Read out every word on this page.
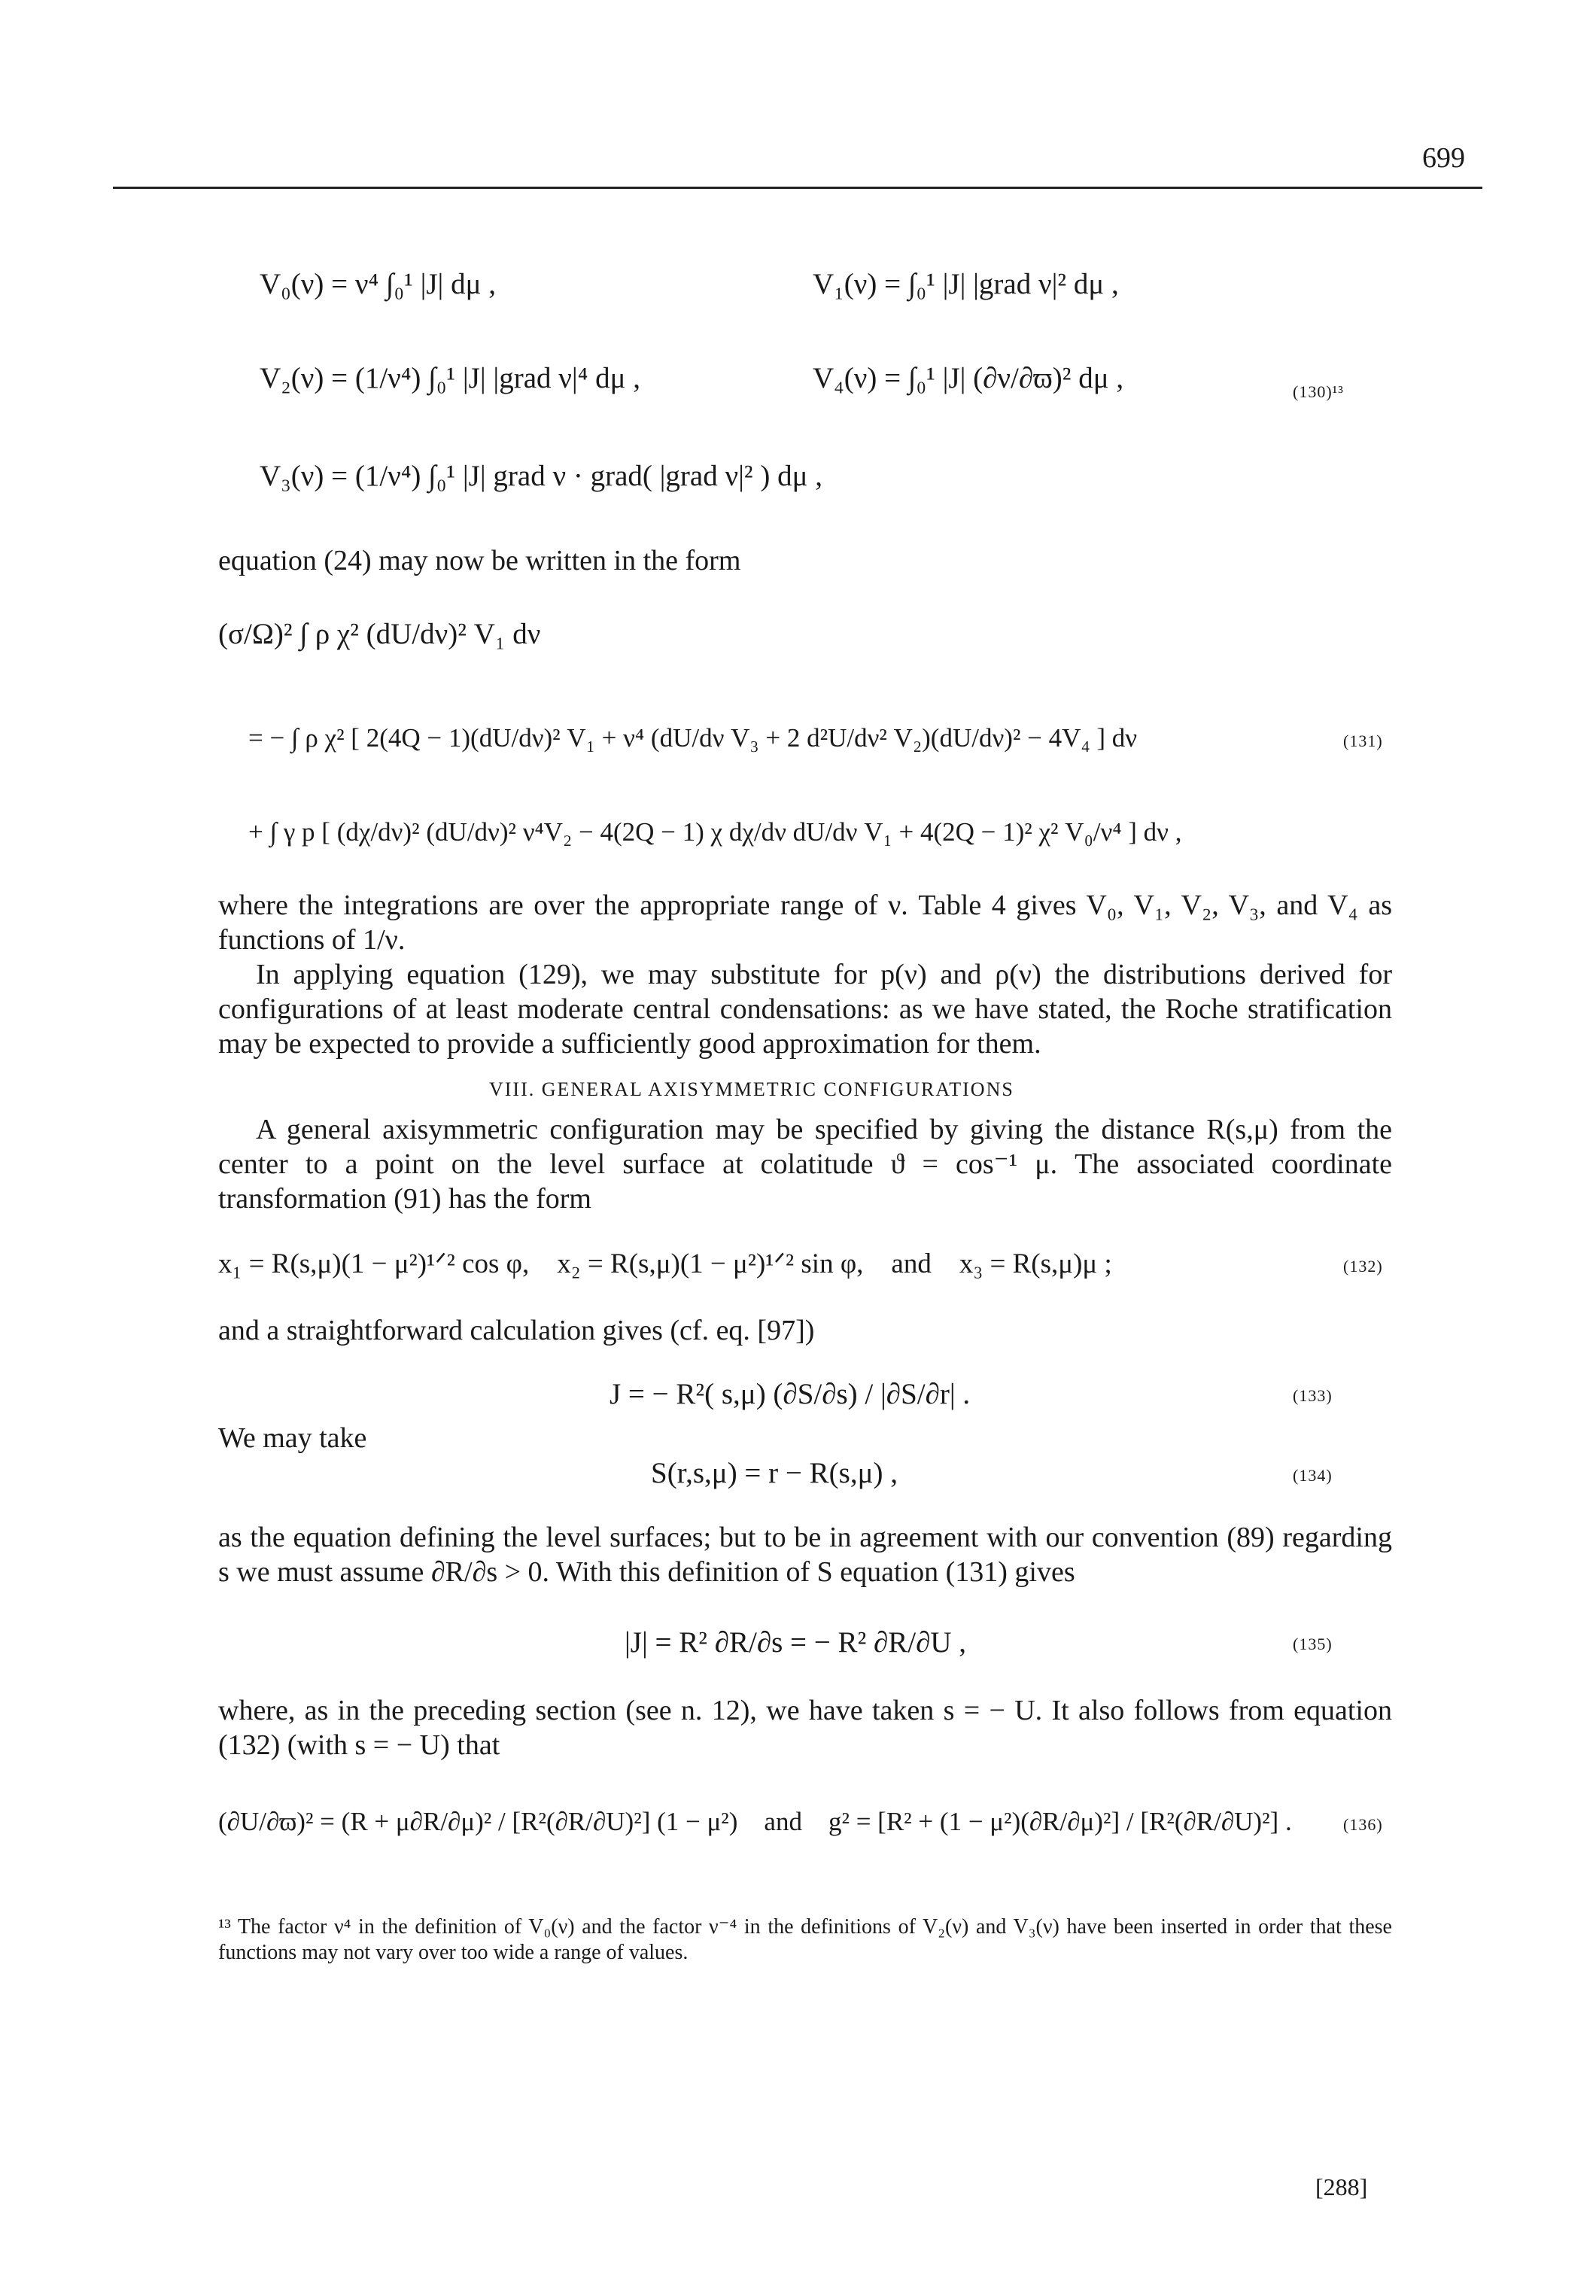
699
V₀(ν) = ν⁴ ∫₀¹ |J| dμ ,	V₁(ν) = ∫₀¹ |J| |grad ν|² dμ ,
V₂(ν) = (1/ν⁴) ∫₀¹ |J| |grad ν|⁴ dμ ,	V₄(ν) = ∫₀¹ |J| (∂ν/∂ϖ)² dμ ,	(130)¹³
V₃(ν) = (1/ν⁴) ∫₀¹ |J| grad ν · grad( |grad ν|² ) dμ ,
equation (24) may now be written in the form
(σ/Ω)² ∫ ρ χ² (dU/dν)² V₁ dν
= − ∫ ρ χ² [ 2(4Q − 1)(dU/dν)² V₁ + ν⁴ (dU/dν V₃ + 2 d²U/dν² V₂)(dU/dν)² − 4V₄ ] dν	(131)
+ ∫ γ p [ (dχ/dν)² (dU/dν)² ν⁴V₂ − 4(2Q − 1) χ dχ/dν dU/dν V₁ + 4(2Q − 1)² χ² V₀/ν⁴ ] dν ,
where the integrations are over the appropriate range of ν. Table 4 gives V₀, V₁, V₂, V₃, and V₄ as functions of 1/ν.
In applying equation (129), we may substitute for p(ν) and ρ(ν) the distributions derived for configurations of at least moderate central condensations: as we have stated, the Roche stratification may be expected to provide a sufficiently good approximation for them.
VIII. GENERAL AXISYMMETRIC CONFIGURATIONS
A general axisymmetric configuration may be specified by giving the distance R(s,μ) from the center to a point on the level surface at colatitude ϑ = cos⁻¹ μ. The associated coordinate transformation (91) has the form
x₁ = R(s,μ)(1 − μ²)¹ᐟ² cos φ,    x₂ = R(s,μ)(1 − μ²)¹ᐟ² sin φ,    and    x₃ = R(s,μ)μ ;	(132)
and a straightforward calculation gives (cf. eq. [97])
J = − R²( s,μ) (∂S/∂s) / |∂S/∂r| .	(133)
We may take
S(r,s,μ) = r − R(s,μ) ,	(134)
as the equation defining the level surfaces; but to be in agreement with our convention (89) regarding s we must assume ∂R/∂s > 0. With this definition of S equation (131) gives
|J| = R² ∂R/∂s = − R² ∂R/∂U ,	(135)
where, as in the preceding section (see n. 12), we have taken s = − U. It also follows from equation (132) (with s = − U) that
(∂U/∂ϖ)² = (R + μ∂R/∂μ)² / [R²(∂R/∂U)²] (1 − μ²)    and    g² = [R² + (1 − μ²)(∂R/∂μ)²] / [R²(∂R/∂U)²] .	(136)
¹³ The factor ν⁴ in the definition of V₀(ν) and the factor ν⁻⁴ in the definitions of V₂(ν) and V₃(ν) have been inserted in order that these functions may not vary over too wide a range of values.
[288]
